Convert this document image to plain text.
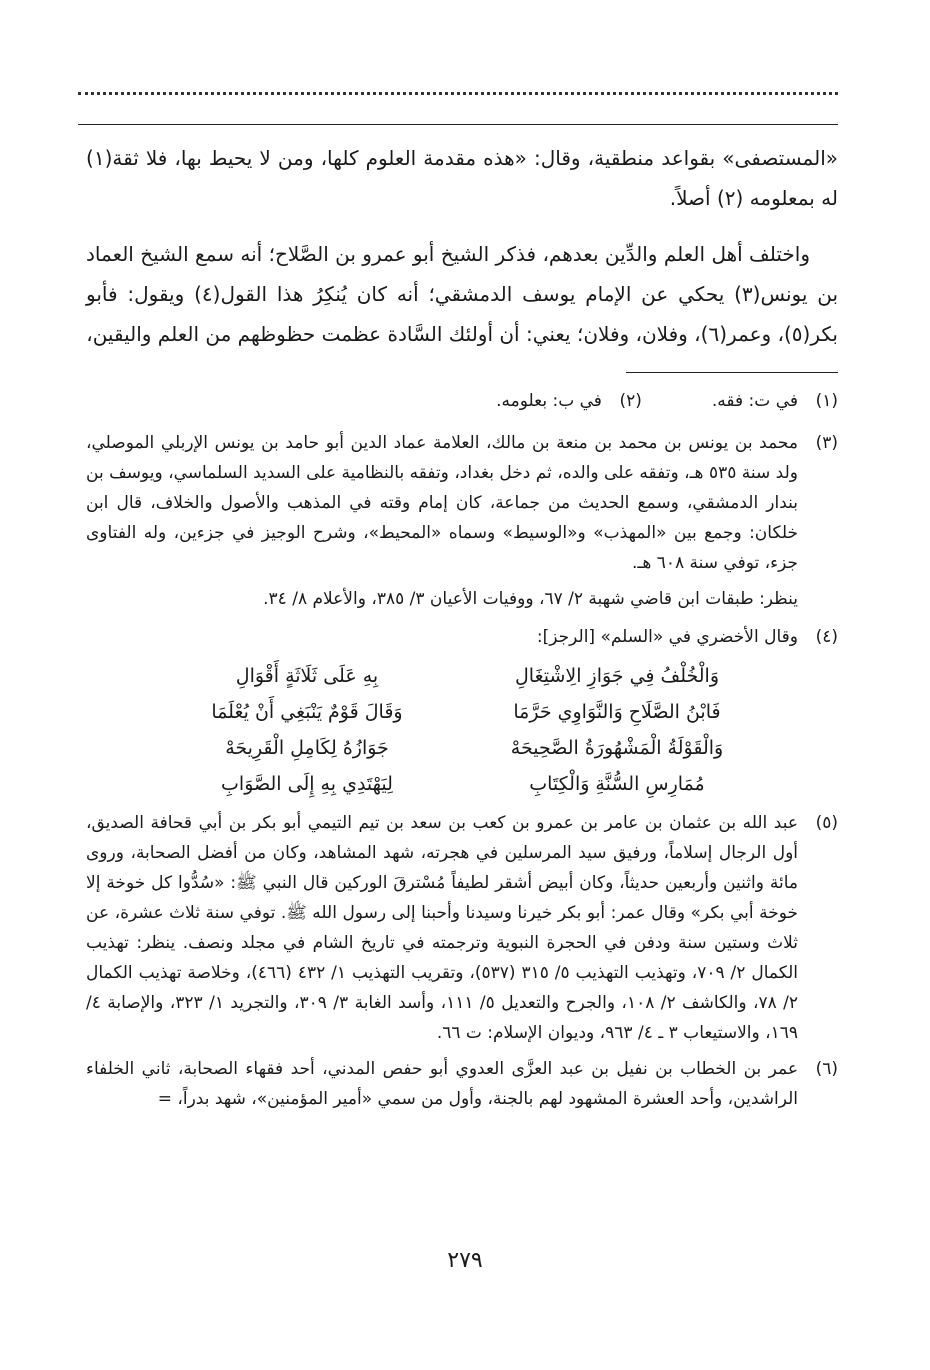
«المستصفى» بقواعد منطقية، وقال: «هذه مقدمة العلوم كلها، ومن لا يحيط بها، فلا ثقة(١) له بمعلومه (٢) أصلاً.

واختلف أهل العلم والدِّين بعدهم، فذكر الشيخ أبو عمرو بن الصَّلاح؛ أنه سمع الشيخ العماد بن يونس(٣) يحكي عن الإمام يوسف الدمشقي؛ أنه كان يُنكِرُ هذا القول(٤) ويقول: فأبو بكر(٥)، وعمر(٦)، وفلان، وفلان؛ يعني: أن أولئك السَّادة عظمت حظوظهم من العلم واليقين،

(١)
في ت: فقه.
(٢)
في ب: بعلومه.
(٣)

محمد بن يونس بن محمد بن منعة بن مالك، العلامة عماد الدين أبو حامد بن يونس الإربلي الموصلي، ولد سنة ٥٣٥ هـ، وتفقه على والده، ثم دخل بغداد، وتفقه بالنظامية على السديد السلماسي، ويوسف بن بندار الدمشقي، وسمع الحديث من جماعة، كان إمام وقته في المذهب والأصول والخلاف، قال ابن خلكان: وجمع بين «المهذب» و«الوسيط» وسماه «المحيط»، وشرح الوجيز في جزءين، وله الفتاوى جزء، توفي سنة ٦٠٨ هـ.

ينظر: طبقات ابن قاضي شهبة ٢/ ٦٧، ووفيات الأعيان ٣/ ٣٨٥، والأعلام ٨/ ٣٤.

(٤)

وقال الأخضري في «السلم» [الرجز]:

وَالْخُلْفُ فِي جَوَازِ الِاشْتِغَالِ
بِهِ عَلَى ثَلَاثَةٍ أَقْوَالِ
فَابْنُ الصَّلَاحِ وَالنَّوَاوِي حَرَّمَا
وَقَالَ قَوْمٌ يَنْبَغِي أَنْ يُعْلَمَا
وَالْقَوْلَةُ الْمَشْهُورَةُ الصَّحِيحَهْ
جَوَازُهُ لِكَامِلِ الْقَرِيحَهْ
مُمَارِسِ السُّنَّةِ وَالْكِتَابِ
لِيَهْتَدِي بِهِ إِلَى الصَّوَابِ
(٥)

عبد الله بن عثمان بن عامر بن عمرو بن كعب بن سعد بن تيم التيمي أبو بكر بن أبي قحافة الصديق، أول الرجال إسلاماً، ورفيق سيد المرسلين في هجرته، شهد المشاهد، وكان من أفضل الصحابة، وروى مائة واثنين وأربعين حديثاً، وكان أبيض أشقر لطيفاً مُسْترقَ الوركين قال النبي ﷺ: «سُدُّوا كل خوخة إلا خوخة أبي بكر» وقال عمر: أبو بكر خيرنا وسيدنا وأحبنا إلى رسول الله ﷺ. توفي سنة ثلاث عشرة، عن ثلاث وستين سنة ودفن في الحجرة النبوية وترجمته في تاريخ الشام في مجلد ونصف. ينظر: تهذيب الكمال ٢/ ٧٠٩، وتهذيب التهذيب ٥/ ٣١٥ (٥٣٧)، وتقريب التهذيب ١/ ٤٣٢ (٤٦٦)، وخلاصة تهذيب الكمال ٢/ ٧٨، والكاشف ٢/ ١٠٨، والجرح والتعديل ٥/ ١١١، وأسد الغابة ٣/ ٣٠٩، والتجريد ١/ ٣٢٣، والإصابة ٤/ ١٦٩، والاستيعاب ٣ ـ ٤/ ٩٦٣، وديوان الإسلام: ت ٦٦.

(٦)

عمر بن الخطاب بن نفيل بن عبد العزَّى العدوي أبو حفص المدني، أحد فقهاء الصحابة، ثاني الخلفاء الراشدين، وأحد العشرة المشهود لهم بالجنة، وأول من سمي «أمير المؤمنين»، شهد بدراً، =

٢٧٩
